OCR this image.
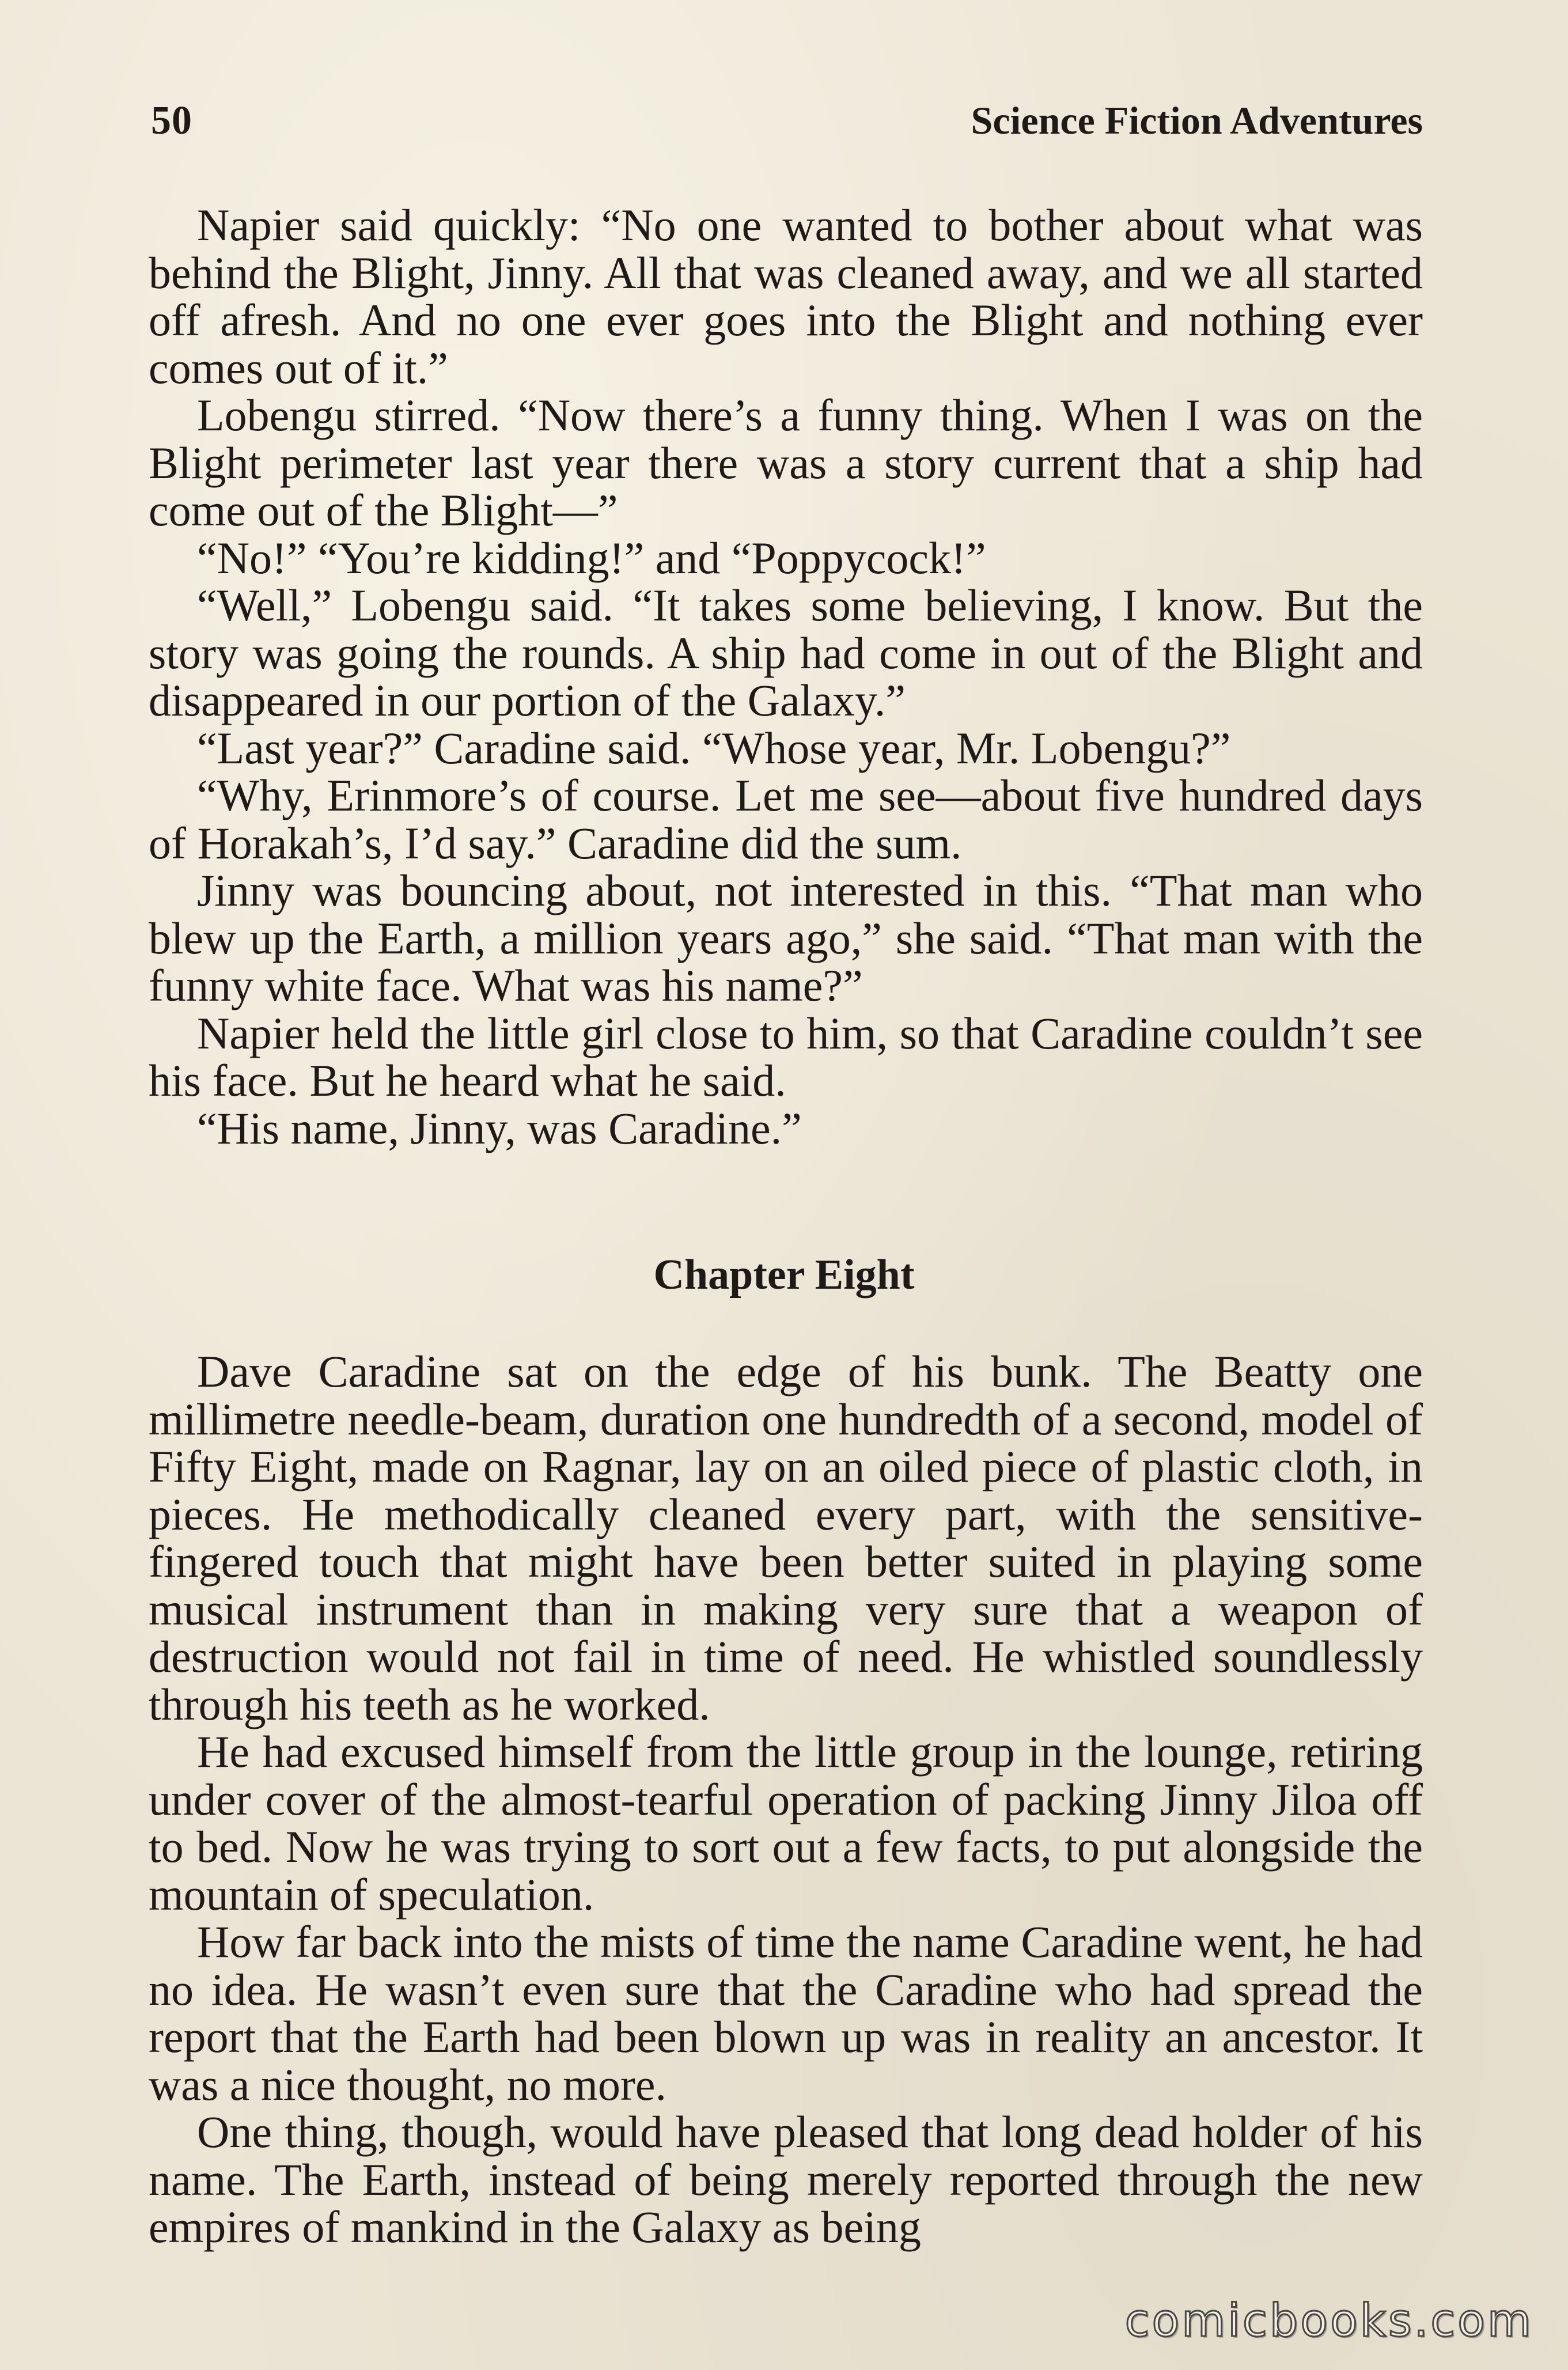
50	Science Fiction Adventures

Napier said quickly: “No one wanted to bother about what was behind the Blight, Jinny. All that was cleaned away, and we all started off afresh. And no one ever goes into the Blight and nothing ever comes out of it.”

Lobengu stirred. “Now there’s a funny thing. When I was on the Blight perimeter last year there was a story current that a ship had come out of the Blight—”

“No!” “You’re kidding!” and “Poppycock!”

“Well,” Lobengu said. “It takes some believing, I know. But the story was going the rounds. A ship had come in out of the Blight and disappeared in our portion of the Galaxy.”

“Last year?” Caradine said. “Whose year, Mr. Lobengu?”

“Why, Erinmore’s of course. Let me see—about five hundred days of Horakah’s, I’d say.” Caradine did the sum.

Jinny was bouncing about, not interested in this. “That man who blew up the Earth, a million years ago,” she said. “That man with the funny white face. What was his name?”

Napier held the little girl close to him, so that Caradine couldn’t see his face. But he heard what he said.

“His name, Jinny, was Caradine.”

Chapter Eight

Dave Caradine sat on the edge of his bunk. The Beatty one millimetre needle-beam, duration one hundredth of a second, model of Fifty Eight, made on Ragnar, lay on an oiled piece of plastic cloth, in pieces. He methodically cleaned every part, with the sensitive-fingered touch that might have been better suited in playing some musical instrument than in making very sure that a weapon of destruction would not fail in time of need. He whistled soundlessly through his teeth as he worked.

He had excused himself from the little group in the lounge, retiring under cover of the almost-tearful operation of packing Jinny Jiloa off to bed. Now he was trying to sort out a few facts, to put alongside the mountain of speculation.

How far back into the mists of time the name Caradine went, he had no idea. He wasn’t even sure that the Caradine who had spread the report that the Earth had been blown up was in reality an ancestor. It was a nice thought, no more.

One thing, though, would have pleased that long dead holder of his name. The Earth, instead of being merely reported through the new empires of mankind in the Galaxy as being

comicbooks.com
